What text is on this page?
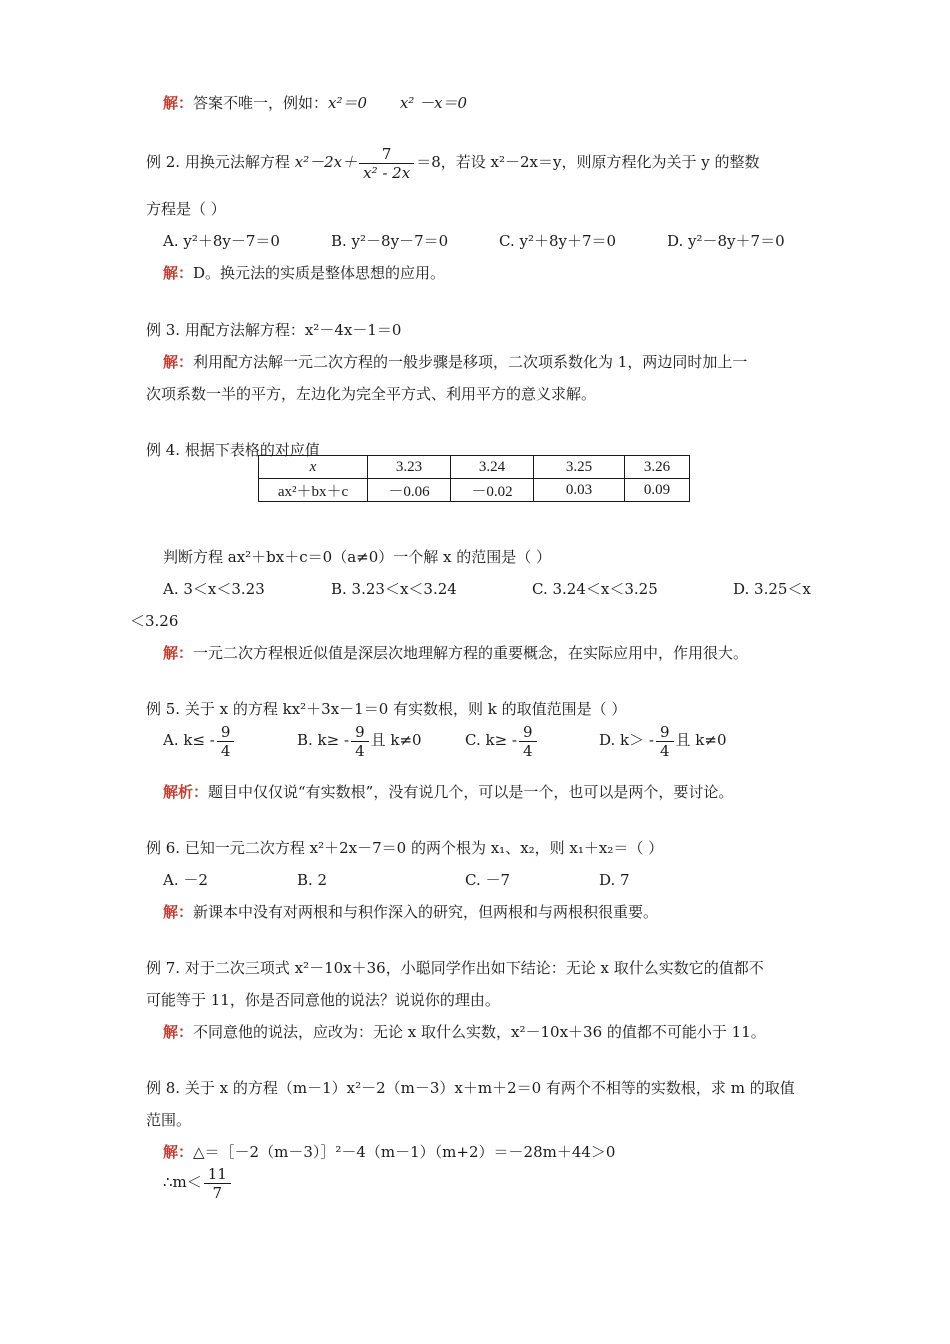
解：答案不唯一，例如：x²＝0 x² －x＝0
例 2. 用换元法解方程 $x^2-2x+ \frac{7}{\text{x² - 2x}} =8$，若设 x²－2x＝y，则原方程化为关于 y 的整数
方程是（ ）
A. y²＋8y－7＝0	B. y²－8y－7＝0	C. y²＋8y＋7＝0	D. y²－8y＋7＝0
解：D。换元法的实质是整体思想的应用。
例 3. 用配方法解方程：x²－4x－1＝0
解：利用配方法解一元二次方程的一般步骤是移项，二次项系数化为 1，两边同时加上一
次项系数一半的平方，左边化为完全平方式、利用平方的意义求解。
例 4. 根据下表格的对应值
x	3.23	3.24	3.25	3.26
ax²＋bx＋c	－0.06	－0.02	0.03	0.09
判断方程 ax²＋bx＋c＝0（a≠0）一个解 x 的范围是（ ）
A. 3＜x＜3.23	B. 3.23＜x＜3.24	C. 3.24＜x＜3.25	D. 3.25＜x
＜3.26
解：一元二次方程根近似值是深层次地理解方程的重要概念，在实际应用中，作用很大。
例 5. 关于 x 的方程 kx²＋3x－1＝0 有实数根，则 k 的取值范围是（ ）
A. $k\le - \frac{9}{4}$	B. $k\ge - \frac{9}{4}$ 且 k≠0	C. $k\ge - \frac{9}{4}$	D. $k> - \frac{9}{4}$ 且 k≠0
解析：题目中仅仅说“有实数根”，没有说几个，可以是一个，也可以是两个，要讨论。
例 6. 已知一元二次方程 x²＋2x－7＝0 的两个根为 x₁、x₂，则 x₁＋x₂＝（ ）
A. －2	B. 2	C. －7	D. 7
解：新课本中没有对两根和与积作深入的研究，但两根和与两根积很重要。
例 7. 对于二次三项式 x²－10x＋36，小聪同学作出如下结论：无论 x 取什么实数它的值都不
可能等于 11，你是否同意他的说法？说说你的理由。
解：不同意他的说法，应改为：无论 x 取什么实数，x²－10x＋36 的值都不可能小于 11。
例 8. 关于 x 的方程（m－1）x²－2（m－3）x＋m＋2＝0 有两个不相等的实数根，求 m 的取值
范围。
解：△＝［－2（m－3）］²－4（m－1）（m+2）＝－28m＋44＞0
∴m＜ $\frac{11}{7}$
